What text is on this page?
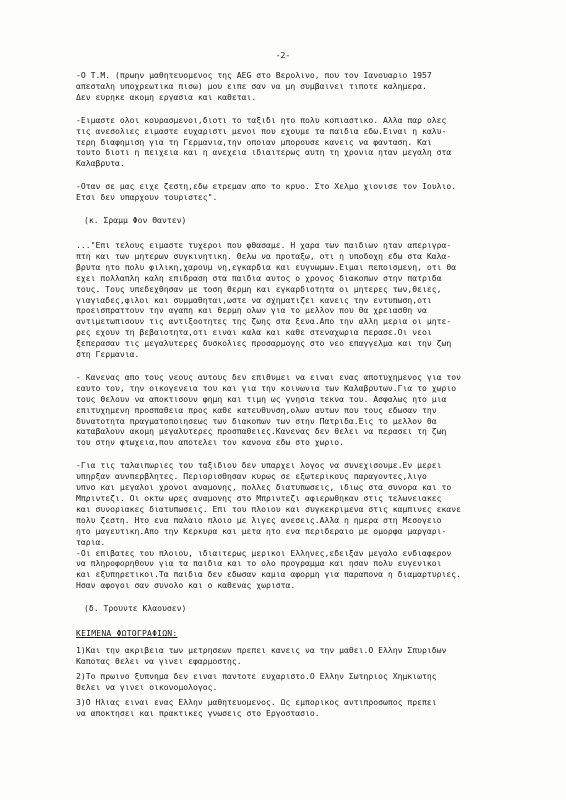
-2-
-Ο Τ.Μ. (πρωην μαθητευομενος της AEG στο Βερολινο, που τον Ιανουαριο 1957
απεσταλη υποχρεωτικα πισω) μου ειπε σαν να μη συμβαινει τιποτε καλημερα.
Δεν ευρηκε ακομη εργασια και καθεται.
-Ειμαστε ολοι κουρασμενοι,διοτι το ταξιδι ητο πολυ κοπιαστικο. Αλλα παρ ολες
τις ανεσολιες ειμαστε ευχαριστι μενοι που εχουμε τα παιδια εδω.Ειναι η καλυ-
τερη διαφημιση για τη Γερμανια,την οποιαν μπορουσε κανεις να φανταση. Και
τουτο διοτι η πειχεια και η ανεχεια ιδιαιτερως αυτη τη χρονια ηταν μεγαλη στα
Καλαβρυτα.
-Οταν σε μας ειχε ζεστη,εδω ετρεμαν απο το κρυο. Στο Χελμο χιονισε τον Ιουλιο.
Ετσι δεν υπαρχουν τουριστες".
(κ. Σραμμ Φον Θαντεν)
..."Επι τελους ειμαστε τυχεροι που φθασαμε. Η χαρα των παιδιων ηταν απεριγρα-
πτη και των μητερων συγκινητικη. Θελω να προταξω, οτι η υποδοχη εδω στα Καλα-
βρυτα ητο πολυ φιλικη,χαρουμ νη,εγκαρδια και ευγνωμων.Ειμαι πεποισμενη, οτι θα
εχει πολλαπλη καλη επιδραση στα παιδια αυτος ο χρονος διακοπων στην πατριδα
τους. Τους υπεδεχθησαν με τοση θερμη και εγκαρδιοτητα οι μητερες των,θειες,
γιαγιαδες,φιλοι και συμμαθηται,ωστε να σχηματιζει κανεις την εντυπωση,οτι
προεισπραττουν την αγαπη και θερμη ολων για το μελλον που θα χρειασθη να
αντιμετωπισουν τις αντιξοοτητες της ζωης στα ξενα.Απο την αλλη μερια οι μητε-
ρες εχουν τη βεβαιοτητα,οτι ειναι καλα και καθε στεναχωρια περασε.Οι νεοι
ξεπερασαν τις μεγαλυτερες δυσκολιες προσαρμογης στο νεο επαγγελμα και την ζωη
στη Γερμανια.
- Κανενας απο τους νεους αυτους δεν επιθυμει να ειναι ενας αποτυχημενος για τον
εαυτο του, την οικογενεια του και για την κοινωνια των Καλαβρυτων.Για το χωριο
τους θελουν να αποκτισουν φημη και τιμη ως γνησια τεκνα του. Ασφαλως ητο μια
επιτυχημενη προσπαθεια προς καθε κατευθυνση,ολων αυτων που τους εδωσαν την
δυνατοτητα πραγματοποιησεως των διακοπων των στην Πατριδα.Εις το μελλον θα
καταβαλουν ακομη μεγαλυτερες προσπαθειες.Κανενας δεν θελει να περασει τη ζωη
του στην φτωχεια,που αποτελει τον κανονα εδω στο χωριο.
-Για τις ταλαιπωριες του ταξιδιου δεν υπαρχει λογος να συνεχισουμε.Εν μερει
υπηρξαν αυνπερβλητες. Περιορισθησαν κυρως σε εξωτερικους παραγοντες,λιγο
υπνο και μεγαλοι χρονοι αναμονης, πολλες διατυπωσεις, ιδιως στα συνορα και το
Μπριντεζι. Οι οκτω ωρες αναμονης στο Μπριντεζι αφιερωθηκαν στις τελωνειακες
και συνοριακες διατυπωσεις. Επι του πλοιου και συγκεκριμενα στις καμπινες εκανε
πολυ ζεστη. Ητο ενα παλαιο πλοιο με λιγες ανεσεις.Αλλα η ημερα στη Μεσογειο
ητο μαγευτικη.Απο την Κερκυρα και μετα ητο ενα περιδεραιο με ομορφα μαργαρι-
ταρια.
-Οι επιβατες του πλοιου, ιδιαιτερως μερικοι Ελληνες,εδειξαν μεγαλο ενδιαφερον
να πληροφορηθουν για τα παιδια και το ολο προγραμμα και ησαν πολυ ευγενικοι
και εξυπηρετικοι.Τα παιδια δεν εδωσαν καμια αφορμη για παραπονα η διαμαρτυριες.
Ησαν αφογοι σαν συνολο και ο καθενας χωριστα.
(δ. Τρουντε Κλαουσεν)
ΚΕΙΜΕΝΑ ΦΩΤΟΓΡΑΦΙΩΝ:
1)Και την ακριβεια των μετρησεων πρεπει κανεις να την μαθει.Ο Ελλην Σπυριδων
Καποτας θελει να γινει εφαρμοστης.
2)Το πρωινο ξυπνημα δεν ειναι παντοτε ευχαριστο.Ο Ελλην Σωτηριος Χημκιωτης
θελει να γινει οικονομολογος.
3)Ο Ηλιας ειναι ενας Ελλην μαθητευομενος. Ως εμπορικος αντιπροσωπος πρεπει
να αποκτησει και πρακτικες γνωσεις στο Εργοστασιο.
